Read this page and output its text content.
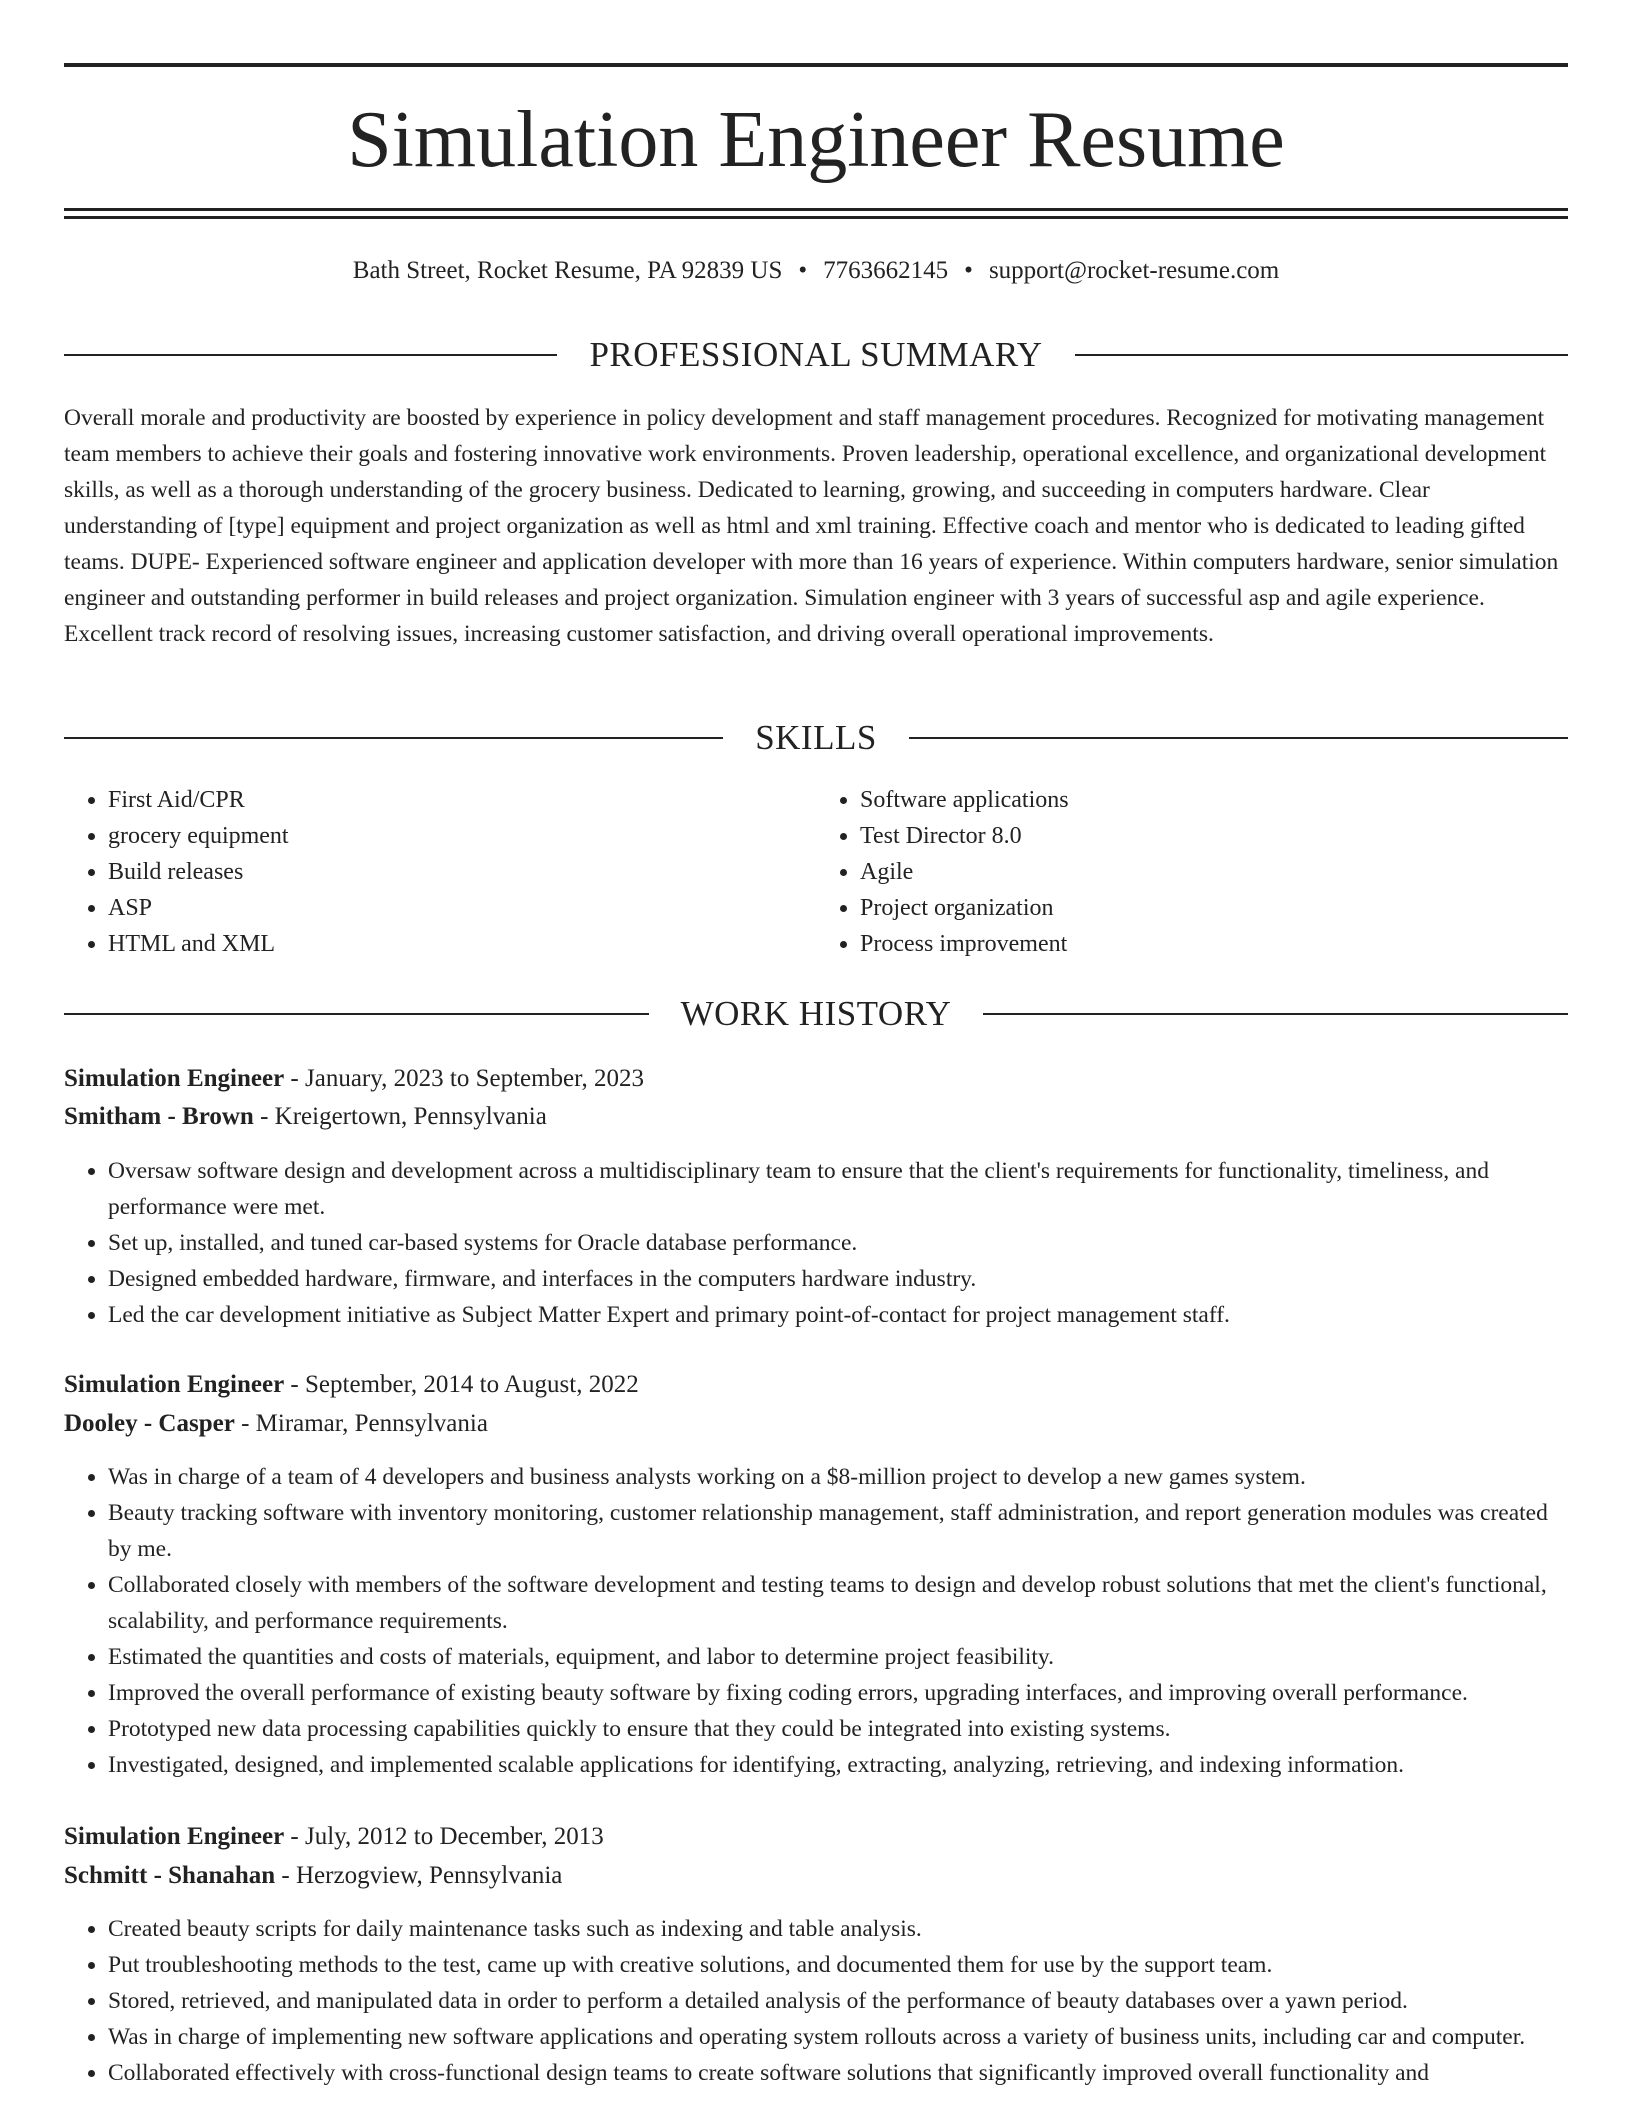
Simulation Engineer Resume
Bath Street, Rocket Resume, PA 92839 US • 7763662145 • support@rocket-resume.com
PROFESSIONAL SUMMARY

Overall morale and productivity are boosted by experience in policy development and staff management procedures. Recognized for motivating management team members to achieve their goals and fostering innovative work environments. Proven leadership, operational excellence, and organizational development skills, as well as a thorough understanding of the grocery business. Dedicated to learning, growing, and succeeding in computers hardware. Clear understanding of [type] equipment and project organization as well as html and xml training. Effective coach and mentor who is dedicated to leading gifted teams. DUPE- Experienced software engineer and application developer with more than 16 years of experience. Within computers hardware, senior simulation engineer and outstanding performer in build releases and project organization. Simulation engineer with 3 years of successful asp and agile experience. Excellent track record of resolving issues, increasing customer satisfaction, and driving overall operational improvements.

SKILLS
• First Aid/CPR
• grocery equipment
• Build releases
• ASP
• HTML and XML
• Software applications
• Test Director 8.0
• Agile
• Project organization
• Process improvement
WORK HISTORY
Simulation Engineer - January, 2023 to September, 2023
Smitham - Brown - Kreigertown, Pennsylvania
• Oversaw software design and development across a multidisciplinary team to ensure that the client's requirements for functionality, timeliness, and performance were met.
• Set up, installed, and tuned car-based systems for Oracle database performance.
• Designed embedded hardware, firmware, and interfaces in the computers hardware industry.
• Led the car development initiative as Subject Matter Expert and primary point-of-contact for project management staff.
Simulation Engineer - September, 2014 to August, 2022
Dooley - Casper - Miramar, Pennsylvania
• Was in charge of a team of 4 developers and business analysts working on a $8-million project to develop a new games system.
• Beauty tracking software with inventory monitoring, customer relationship management, staff administration, and report generation modules was created by me.
• Collaborated closely with members of the software development and testing teams to design and develop robust solutions that met the client's functional, scalability, and performance requirements.
• Estimated the quantities and costs of materials, equipment, and labor to determine project feasibility.
• Improved the overall performance of existing beauty software by fixing coding errors, upgrading interfaces, and improving overall performance.
• Prototyped new data processing capabilities quickly to ensure that they could be integrated into existing systems.
• Investigated, designed, and implemented scalable applications for identifying, extracting, analyzing, retrieving, and indexing information.
Simulation Engineer - July, 2012 to December, 2013
Schmitt - Shanahan - Herzogview, Pennsylvania
• Created beauty scripts for daily maintenance tasks such as indexing and table analysis.
• Put troubleshooting methods to the test, came up with creative solutions, and documented them for use by the support team.
• Stored, retrieved, and manipulated data in order to perform a detailed analysis of the performance of beauty databases over a yawn period.
• Was in charge of implementing new software applications and operating system rollouts across a variety of business units, including car and computer.
• Collaborated effectively with cross-functional design teams to create software solutions that significantly improved overall functionality and
